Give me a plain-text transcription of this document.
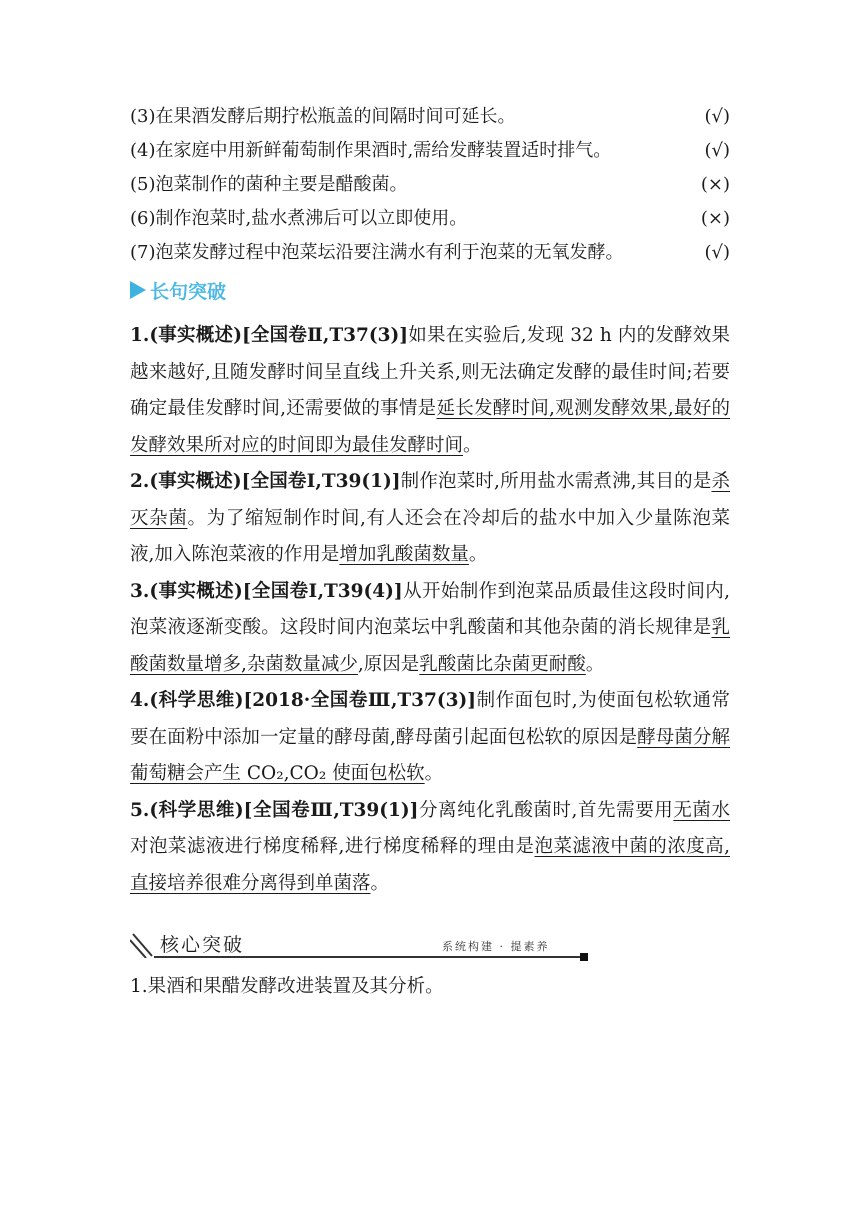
(3)在果酒发酵后期拧松瓶盖的间隔时间可延长。	(√)
(4)在家庭中用新鲜葡萄制作果酒时,需给发酵装置适时排气。	(√)
(5)泡菜制作的菌种主要是醋酸菌。	(×)
(6)制作泡菜时,盐水煮沸后可以立即使用。	(×)
(7)泡菜发酵过程中泡菜坛沿要注满水有利于泡菜的无氧发酵。	(√)
长句突破
1.(事实概述)[全国卷Ⅱ,T37(3)]如果在实验后,发现 32 h 内的发酵效果越来越好,且随发酵时间呈直线上升关系,则无法确定发酵的最佳时间;若要确定最佳发酵时间,还需要做的事情是延长发酵时间,观测发酵效果,最好的发酵效果所对应的时间即为最佳发酵时间。
2.(事实概述)[全国卷Ⅰ,T39(1)]制作泡菜时,所用盐水需煮沸,其目的是杀灭杂菌。为了缩短制作时间,有人还会在冷却后的盐水中加入少量陈泡菜液,加入陈泡菜液的作用是增加乳酸菌数量。
3.(事实概述)[全国卷Ⅰ,T39(4)]从开始制作到泡菜品质最佳这段时间内,泡菜液逐渐变酸。这段时间内泡菜坛中乳酸菌和其他杂菌的消长规律是乳酸菌数量增多,杂菌数量减少,原因是乳酸菌比杂菌更耐酸。
4.(科学思维)[2018·全国卷Ⅲ,T37(3)]制作面包时,为使面包松软通常要在面粉中添加一定量的酵母菌,酵母菌引起面包松软的原因是酵母菌分解葡萄糖会产生 CO₂,CO₂ 使面包松软。
5.(科学思维)[全国卷Ⅲ,T39(1)]分离纯化乳酸菌时,首先需要用无菌水对泡菜滤液进行梯度稀释,进行梯度稀释的理由是泡菜滤液中菌的浓度高,直接培养很难分离得到单菌落。
核心突破	系统构建 · 提素养
1.果酒和果醋发酵改进装置及其分析。
